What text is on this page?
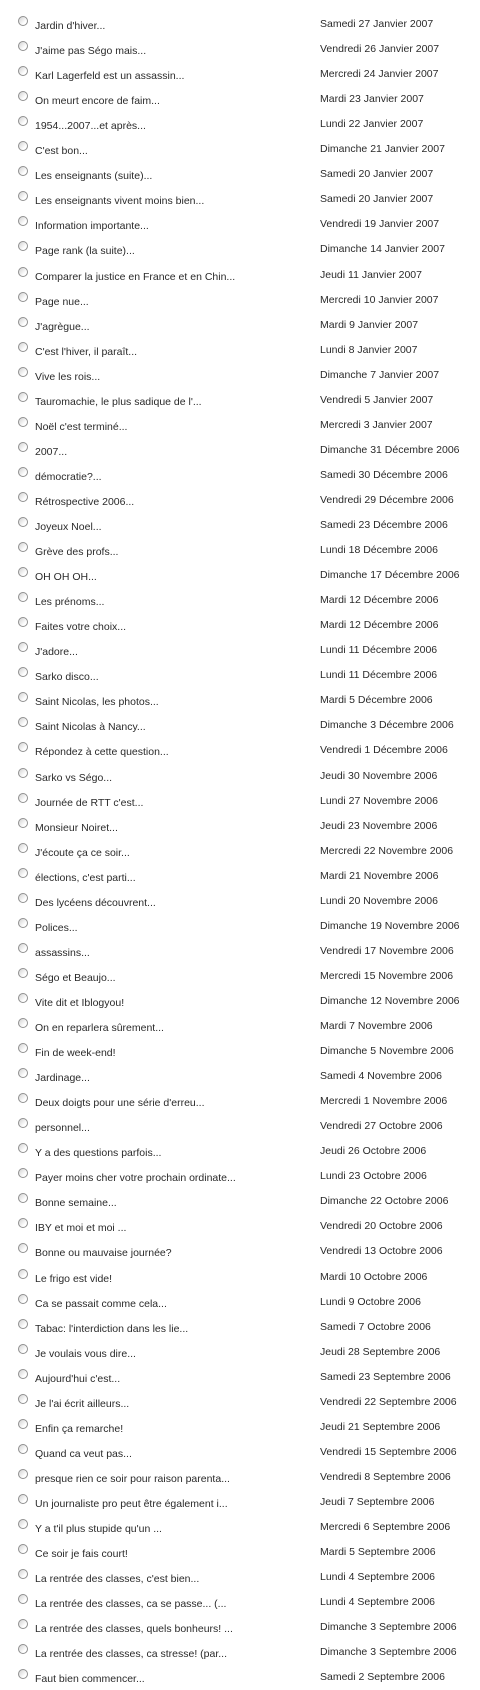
Jardin d'hiver...	Samedi 27 Janvier 2007
J'aime pas Ségo mais...	Vendredi 26 Janvier 2007
Karl Lagerfeld est un assassin...	Mercredi 24 Janvier 2007
On meurt encore de faim...	Mardi 23 Janvier 2007
1954...2007...et après...	Lundi 22 Janvier 2007
C'est bon...	Dimanche 21 Janvier 2007
Les enseignants (suite)...	Samedi 20 Janvier 2007
Les enseignants vivent moins bien...	Samedi 20 Janvier 2007
Information importante...	Vendredi 19 Janvier 2007
Page rank (la suite)...	Dimanche 14 Janvier 2007
Comparer la justice en France et en Chin...	Jeudi 11 Janvier 2007
Page nue...	Mercredi 10 Janvier 2007
J'agrègue...	Mardi 9 Janvier 2007
C'est l'hiver, il paraît...	Lundi 8 Janvier 2007
Vive les rois...	Dimanche 7 Janvier 2007
Tauromachie, le plus sadique de l'...	Vendredi 5 Janvier 2007
Noël c'est terminé...	Mercredi 3 Janvier 2007
2007...	Dimanche 31 Décembre 2006
démocratie?...	Samedi 30 Décembre 2006
Rétrospective 2006...	Vendredi 29 Décembre 2006
Joyeux Noel...	Samedi 23 Décembre 2006
Grève des profs...	Lundi 18 Décembre 2006
OH OH OH...	Dimanche 17 Décembre 2006
Les prénoms...	Mardi 12 Décembre 2006
Faites votre choix...	Mardi 12 Décembre 2006
J'adore...	Lundi 11 Décembre 2006
Sarko disco...	Lundi 11 Décembre 2006
Saint Nicolas, les photos...	Mardi 5 Décembre 2006
Saint Nicolas à Nancy...	Dimanche 3 Décembre 2006
Répondez à cette question...	Vendredi 1 Décembre 2006
Sarko vs Ségo...	Jeudi 30 Novembre 2006
Journée de RTT c'est...	Lundi 27 Novembre 2006
Monsieur Noiret...	Jeudi 23 Novembre 2006
J'écoute ça ce soir...	Mercredi 22 Novembre 2006
élections, c'est parti...	Mardi 21 Novembre 2006
Des lycéens découvrent...	Lundi 20 Novembre 2006
Polices...	Dimanche 19 Novembre 2006
assassins...	Vendredi 17 Novembre 2006
Ségo et Beaujo...	Mercredi 15 Novembre 2006
Vite dit et Iblogyou!	Dimanche 12 Novembre 2006
On en reparlera sûrement...	Mardi 7 Novembre 2006
Fin de week-end!	Dimanche 5 Novembre 2006
Jardinage...	Samedi 4 Novembre 2006
Deux doigts pour une série d'erreu...	Mercredi 1 Novembre 2006
personnel...	Vendredi 27 Octobre 2006
Y a des questions parfois...	Jeudi 26 Octobre 2006
Payer moins cher votre prochain ordinate...	Lundi 23 Octobre 2006
Bonne semaine...	Dimanche 22 Octobre 2006
IBY et moi et moi ...	Vendredi 20 Octobre 2006
Bonne ou mauvaise journée?	Vendredi 13 Octobre 2006
Le frigo est vide!	Mardi 10 Octobre 2006
Ca se passait comme cela...	Lundi 9 Octobre 2006
Tabac: l'interdiction dans les lie...	Samedi 7 Octobre 2006
Je voulais vous dire...	Jeudi 28 Septembre 2006
Aujourd'hui c'est...	Samedi 23 Septembre 2006
Je l'ai écrit ailleurs...	Vendredi 22 Septembre 2006
Enfin ça remarche!	Jeudi 21 Septembre 2006
Quand ca veut pas...	Vendredi 15 Septembre 2006
presque rien ce soir pour raison parenta...	Vendredi 8 Septembre 2006
Un journaliste pro peut être également i...	Jeudi 7 Septembre 2006
Y a t'il plus stupide qu'un ...	Mercredi 6 Septembre 2006
Ce soir je fais court!	Mardi 5 Septembre 2006
La rentrée des classes, c'est bien...	Lundi 4 Septembre 2006
La rentrée des classes, ca se passe... (...	Lundi 4 Septembre 2006
La rentrée des classes, quels bonheurs! ...	Dimanche 3 Septembre 2006
La rentrée des classes, ca stresse! (par...	Dimanche 3 Septembre 2006
Faut bien commencer...	Samedi 2 Septembre 2006
